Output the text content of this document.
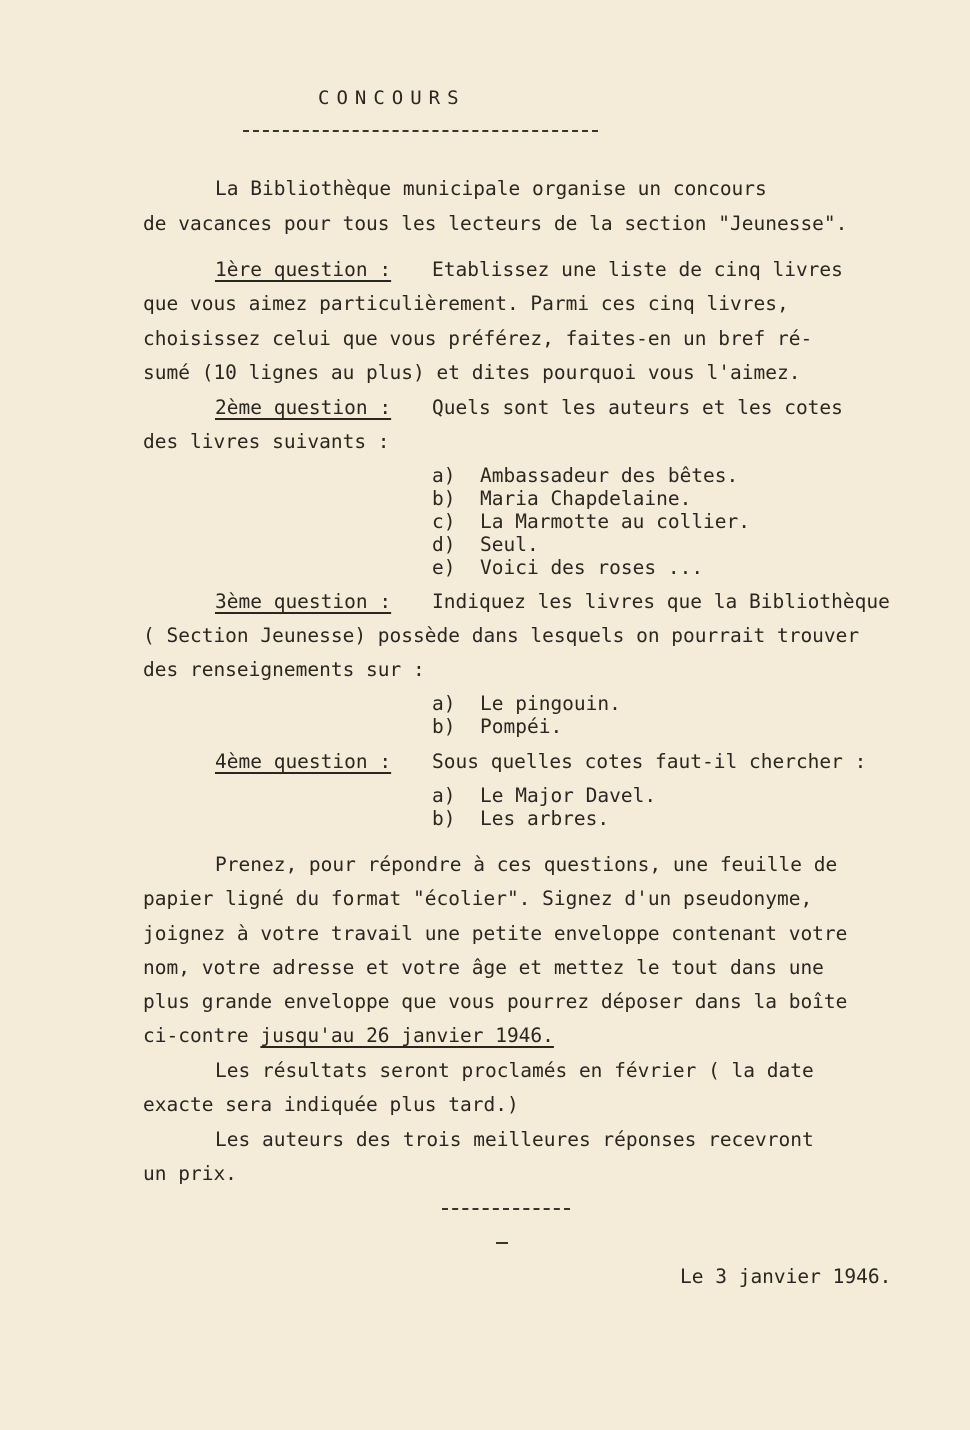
CONCOURS
La Bibliothèque municipale organise un concours
de vacances pour tous les lecteurs de la section "Jeunesse".
1ère question : Etablissez une liste de cinq livres
que vous aimez particulièrement. Parmi ces cinq livres,
choisissez celui que vous préférez, faites-en un bref ré-
sumé (10 lignes au plus) et dites pourquoi vous l'aimez.
2ème question : Quels sont les auteurs et les cotes
des livres suivants :
a) Ambassadeur des bêtes.
b) Maria Chapdelaine.
c) La Marmotte au collier.
d) Seul.
e) Voici des roses ...
3ème question : Indiquez les livres que la Bibliothèque
( Section Jeunesse) possède dans lesquels on pourrait trouver
des renseignements sur :
a) Le pingouin.
b) Pompéi.
4ème question : Sous quelles cotes faut-il chercher :
a) Le Major Davel.
b) Les arbres.
Prenez, pour répondre à ces questions, une feuille de
papier ligné du format "écolier". Signez d'un pseudonyme,
joignez à votre travail une petite enveloppe contenant votre
nom, votre adresse et votre âge et mettez le tout dans une
plus grande enveloppe que vous pourrez déposer dans la boîte
ci-contre jusqu'au 26 janvier 1946.
Les résultats seront proclamés en février ( la date
exacte sera indiquée plus tard.)
Les auteurs des trois meilleures réponses recevront
un prix.
Le 3 janvier 1946.
